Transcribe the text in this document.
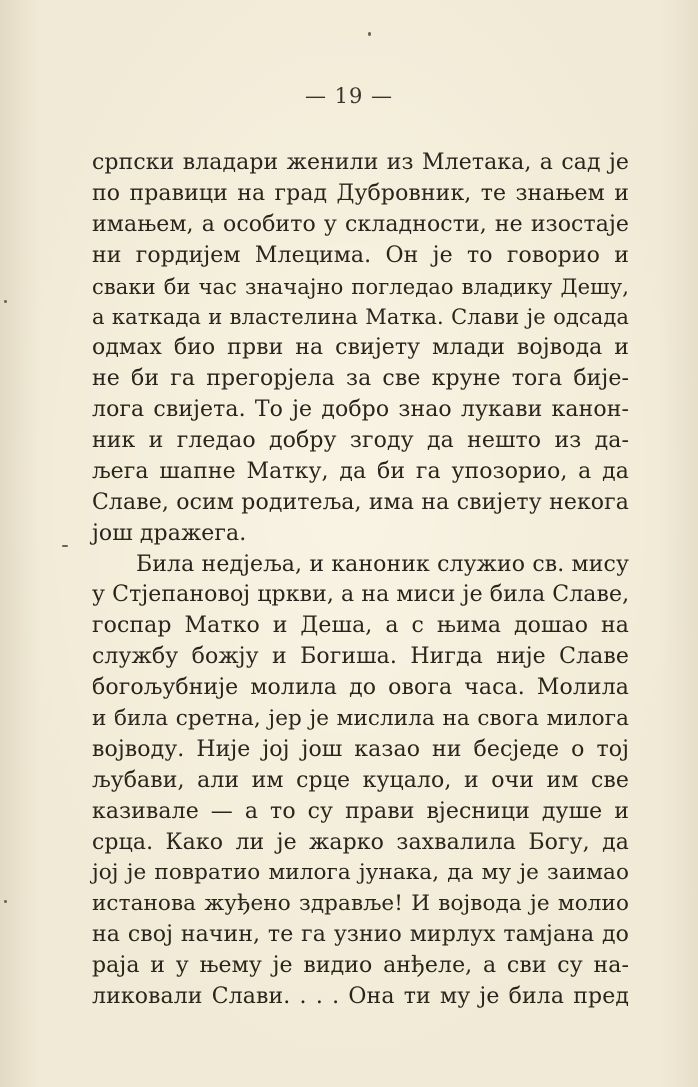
— 19 —
српски владари женили из Млетака, а сад је
по правици на град Дубровник, те знањем и
имањем, а особито у складности, не изостаје
ни гордијем Млецима. Он је то говорио и
сваки би час значајно погледао владику Дешу,
а каткада и властелина Матка. Слави је одсада
одмах био први на свијету млади војвода и
не би га прегорјела за све круне тога бије-
лога свијета. То је добро знао лукави канон-
ник и гледао добру згоду да нешто из да-
љега шапне Матку, да би га упозорио, а да
Славе, осим родитеља, има на свијету некога
још дражега.
Била недјеља, и каноник служио св. мису
у Стјепановој цркви, а на миси је била Славе,
госпар Матко и Деша, а с њима дошао на
службу божју и Богиша. Нигда није Славе
богољубније молила до овога часа. Молила
и била сретна, јер је мислила на свога милога
војводу. Није јој још казао ни бесједе о тој
љубави, али им срце куцало, и очи им све
казивале — а то су прави вјесници душе и
срца. Како ли је жарко захвалила Богу, да
јој је повратио милога јунака, да му је заимао
истанова жуђено здравље! И војвода је молио
на свој начин, те га узнио мирлух тамјана до
раја и у њему је видио анђеле, а сви су на-
ликовали Слави. . . . Она ти му је била пред
